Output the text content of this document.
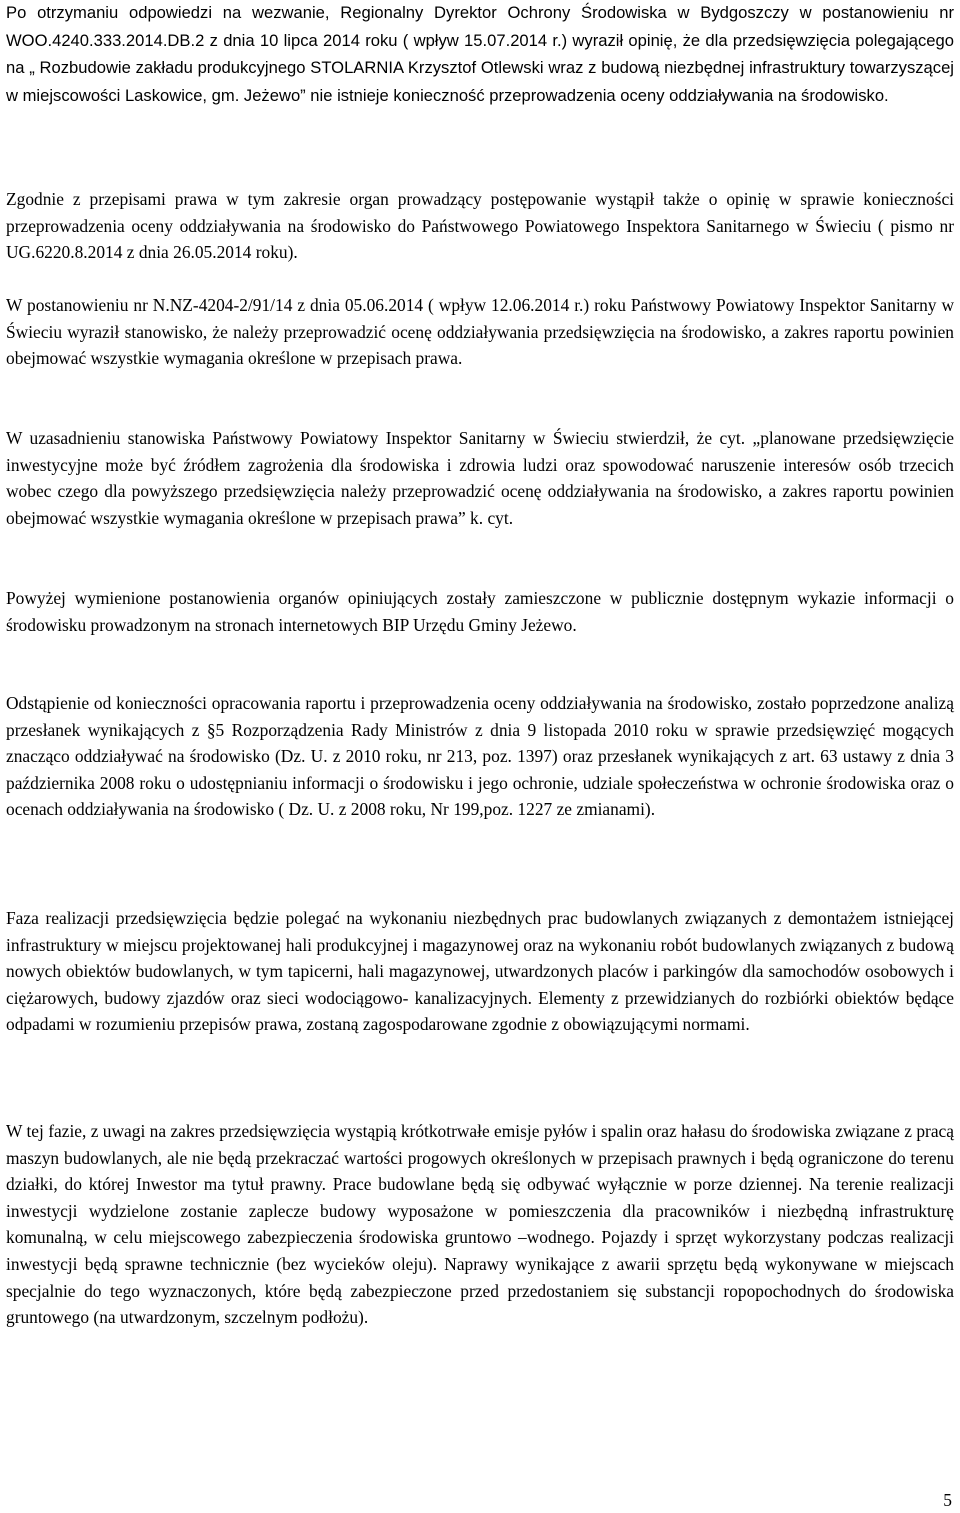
Po otrzymaniu odpowiedzi na wezwanie, Regionalny Dyrektor Ochrony Środowiska w Bydgoszczy w postanowieniu nr WOO.4240.333.2014.DB.2 z dnia 10 lipca 2014 roku ( wpływ 15.07.2014 r.) wyraził opinię, że dla przedsięwzięcia polegającego na „ Rozbudowie zakładu produkcyjnego STOLARNIA Krzysztof Otlewski wraz z budową niezbędnej infrastruktury towarzyszącej w miejscowości Laskowice, gm. Jeżewo” nie istnieje konieczność przeprowadzenia oceny oddziaływania na środowisko.

Zgodnie z przepisami prawa w tym zakresie organ prowadzący postępowanie wystąpił także o opinię w sprawie konieczności przeprowadzenia oceny oddziaływania na środowisko do Państwowego Powiatowego Inspektora Sanitarnego w Świeciu ( pismo nr UG.6220.8.2014 z dnia 26.05.2014 roku).

W postanowieniu nr N.NZ-4204-2/91/14 z dnia 05.06.2014 ( wpływ 12.06.2014 r.) roku Państwowy Powiatowy Inspektor Sanitarny w Świeciu wyraził stanowisko, że należy przeprowadzić ocenę oddziaływania przedsięwzięcia na środowisko, a zakres raportu powinien obejmować wszystkie wymagania określone w przepisach prawa.

W uzasadnieniu stanowiska Państwowy Powiatowy Inspektor Sanitarny w Świeciu stwierdził, że cyt. „planowane przedsięwzięcie inwestycyjne może być źródłem zagrożenia dla środowiska i zdrowia ludzi oraz spowodować naruszenie interesów osób trzecich wobec czego dla powyższego przedsięwzięcia należy przeprowadzić ocenę oddziaływania na środowisko, a zakres raportu powinien obejmować wszystkie wymagania określone w przepisach prawa” k. cyt.

Powyżej wymienione postanowienia organów opiniujących zostały zamieszczone w publicznie dostępnym wykazie informacji o środowisku prowadzonym na stronach internetowych BIP Urzędu Gminy Jeżewo.

Odstąpienie od konieczności opracowania raportu i przeprowadzenia oceny oddziaływania na środowisko, zostało poprzedzone analizą przesłanek wynikających z §5 Rozporządzenia Rady Ministrów z dnia 9 listopada 2010 roku w sprawie przedsięwzięć mogących znacząco oddziaływać na środowisko (Dz. U. z 2010 roku, nr 213, poz. 1397) oraz przesłanek wynikających z art. 63 ustawy z dnia 3 października 2008 roku o udostępnianiu informacji o środowisku i jego ochronie, udziale społeczeństwa w ochronie środowiska oraz o ocenach oddziaływania na środowisko ( Dz. U. z 2008 roku, Nr 199,poz. 1227 ze zmianami).

Faza realizacji przedsięwzięcia będzie polegać na wykonaniu niezbędnych prac budowlanych związanych z demontażem istniejącej infrastruktury w miejscu projektowanej hali produkcyjnej i magazynowej oraz na wykonaniu robót budowlanych związanych z budową nowych obiektów budowlanych, w tym tapicerni, hali magazynowej, utwardzonych placów i parkingów dla samochodów osobowych i ciężarowych, budowy zjazdów oraz sieci wodociągowo- kanalizacyjnych. Elementy z przewidzianych do rozbiórki obiektów będące odpadami w rozumieniu przepisów prawa, zostaną zagospodarowane zgodnie z obowiązującymi normami.

W tej fazie, z uwagi na zakres przedsięwzięcia wystąpią krótkotrwałe emisje pyłów i spalin oraz hałasu do środowiska związane z pracą maszyn budowlanych, ale nie będą przekraczać wartości progowych określonych w przepisach prawnych i będą ograniczone do terenu działki, do której Inwestor ma tytuł prawny. Prace budowlane będą się odbywać wyłącznie w porze dziennej. Na terenie realizacji inwestycji wydzielone zostanie zaplecze budowy wyposażone w pomieszczenia dla pracowników i niezbędną infrastrukturę komunalną, w celu miejscowego zabezpieczenia środowiska gruntowo –wodnego. Pojazdy i sprzęt wykorzystany podczas realizacji inwestycji będą sprawne technicznie (bez wycieków oleju). Naprawy wynikające z awarii sprzętu będą wykonywane w miejscach specjalnie do tego wyznaczonych, które będą zabezpieczone przed przedostaniem się substancji ropopochodnych do środowiska gruntowego (na utwardzonym, szczelnym podłożu).

5
